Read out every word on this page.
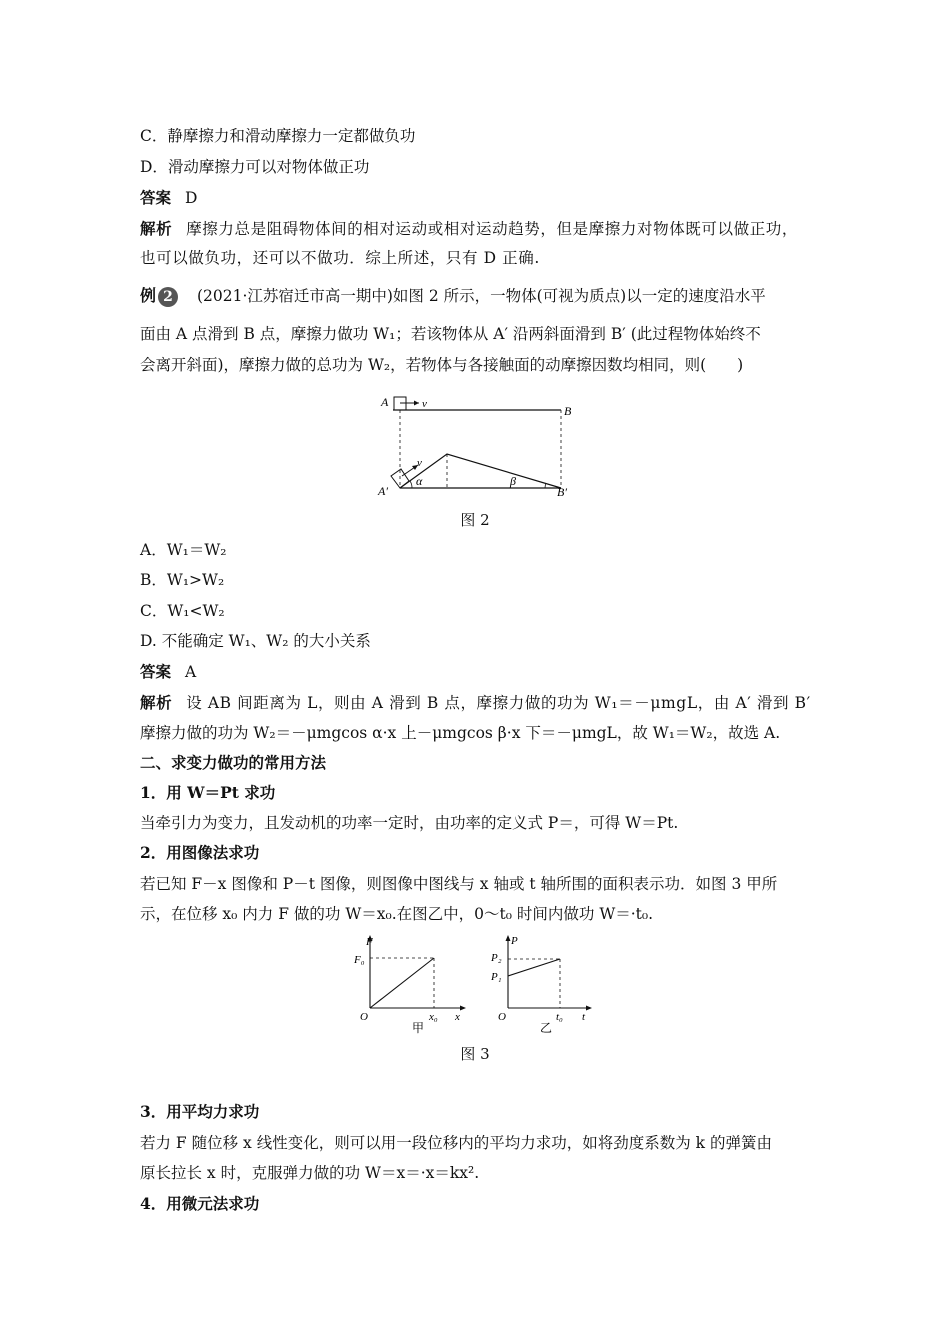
C．静摩擦力和滑动摩擦力一定都做负功
D．滑动摩擦力可以对物体做正功
答案 D
解析 摩擦力总是阻碍物体间的相对运动或相对运动趋势，但是摩擦力对物体既可以做正功，
也可以做负功，还可以不做功．综上所述，只有 D 正确.
例 2 (2021·江苏宿迁市高一期中)如图 2 所示，一物体(可视为质点)以一定的速度沿水平
面由 A 点滑到 B 点，摩擦力做功 W₁；若该物体从 A′ 沿两斜面滑到 B′ (此过程物体始终不
会离开斜面)，摩擦力做的总功为 W₂，若物体与各接触面的动摩擦因数均相同，则(　　)
A
B
v
v
A′	B′
α	β
图 2
A．W₁＝W₂
B．W₁>W₂
C．W₁<W₂
D. 不能确定 W₁、W₂ 的大小关系
答案 A
解析 设 AB 间距离为 L，则由 A 滑到 B 点，摩擦力做的功为 W₁＝－μmgL，由 A′ 滑到 B′
摩擦力做的功为 W₂＝－μmgcos α·x 上－μmgcos β·x 下＝－μmgL，故 W₁＝W₂，故选 A.
二、求变力做功的常用方法
1．用 W＝Pt 求功
当牵引力为变力，且发动机的功率一定时，由功率的定义式 P＝，可得 W＝Pt.
2．用图像法求功
若已知 F－x 图像和 P－t 图像，则图像中图线与 x 轴或 t 轴所围的面积表示功．如图 3 甲所
示，在位移 x₀ 内力 F 做的功 W＝x₀.在图乙中，0～t₀ 时间内做功 W＝·t₀.
F
F₀
O	x₀ x
甲
P
P₂
P₁
O	t₀ t
乙
图 3
3．用平均力求功
若力 F 随位移 x 线性变化，则可以用一段位移内的平均力求功，如将劲度系数为 k 的弹簧由
原长拉长 x 时，克服弹力做的功 W＝x＝·x＝kx².
4．用微元法求功
